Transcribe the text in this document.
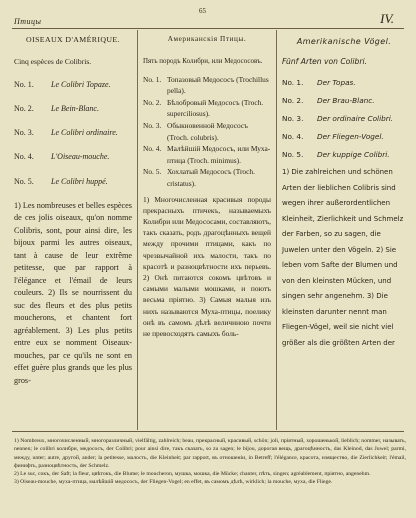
Птицы
65	IV.
OISEAUX D'AMÉRIQUE.
Cinq espèces de Colibris.
No. 1.	Le Colibri Topaze.
No. 2.	Le Bein-Blanc.
No. 3.	Le Colibri ordinaire.
No. 4.	L'Oiseau-mouche.
No. 5.	Le Colibri huppé.
1) Les nombreuses et belles espèces de ces jolis oiseaux, qu'on nomme Colibris, sont, pour ainsi dire, les bijoux parmi les autres oiseaux, tant à cause de leur extrême petitesse, que par rapport à l'élégance et l'émail de leurs couleurs. 2) Ils se nourrissent du suc des fleurs et des plus petits moucherons, et chantent fort agréablement. 3) Les plus petits entre eux se nomment Oiseaux-mouches, par ce qu'ils ne sont en effet guère plus grands que les plus gros-
Американскія Птицы.
Пять породъ Колибри, или Медососовъ.
No. 1. Топазовый Медососъ (Trochillus pella).
No. 2. Бѣлобровый Медососъ (Troch. superciliosus).
No. 3. Обыкновенной Медососъ (Troch. colubris).
No. 4. Малѣйшій Медососъ, или Муха-птица (Troch. minimus).
No. 5. Хохлатый Медососъ (Troch. cristatus).
1) Многочисленная красивыя породы прекрасныхъ птичекъ, называемыхъ Колибри или Медососами, составляютъ, такъ сказать, родъ драгоцѣнныхъ вещей между прочими птицами, какъ по чрезвычайной ихъ малости, такъ по красотѣ и разноцвѣтности ихъ перьевъ. 2) Онѣ питаются сокомъ цвѣтовъ и самыми малыми мошками, и поютъ весьма пріятно. 3) Самыя малыя изъ нихъ называются Муха-птицы, поелику онѣ въ самомъ дѣлѣ величиною почти не превосходятъ самыхъ боль-
Amerikanische Vögel.
Fünf Arten von Colibri.
No. 1.	Der Topas.
No. 2.	Der Brau-Blanc.
No. 3.	Der ordinaire Colibri.
No. 4.	Der Fliegen-Vogel.
No. 5.	Der kuppige Colibri.
1) Die zahlreichen und schönen Arten der lieblichen Colibris sind wegen ihrer außerordentlichen Kleinheit, Zierlichkeit und Schmelz der Farben, so zu sagen, die Juwelen unter den Vögeln. 2) Sie leben vom Safte der Blumen und von den kleinsten Mücken, und singen sehr angenehm. 3) Die kleinsten darunter nennt man Fliegen-Vögel, weil sie nicht viel größer als die größten Arten der

1) Nombreux, многочисленный, многоразличный, vielfältig, zahlreich; beau, прекрасный, красивый, schön; joli, пріятный, хорошенькой, lieblich; nommer, называть, nennen; le colibri колибри, медососъ, der Colibri; pour ainsi dire, такъ сказать, so zu sagen; le bijou, дорогая вещь, драгоцѣнность, das Kleinod, das Juwel; parmi, между, unter; autre, другой, ander; la petitesse, малость, die Kleinheit; par rapport, въ отношеніи, in Betreff; l'élégance, красота, изящество, die Zierlichkeit; l'émail, финифть, разноцвѣтность, der Schmelz.

2) Le suc, сокъ, der Saft; la fleur, цвѣтокъ, die Blume; le moucheron, мушка, мошка, die Mücke; chanter, пѣть, singen; agréablement, пріятно, angenehm.

3) Oiseau-mouche, муха-птица, малѣйшій медососъ, der Fliegen-Vogel; en effet, въ самомъ дѣлѣ, wirklich; la mouche, муха, die Fliege.
